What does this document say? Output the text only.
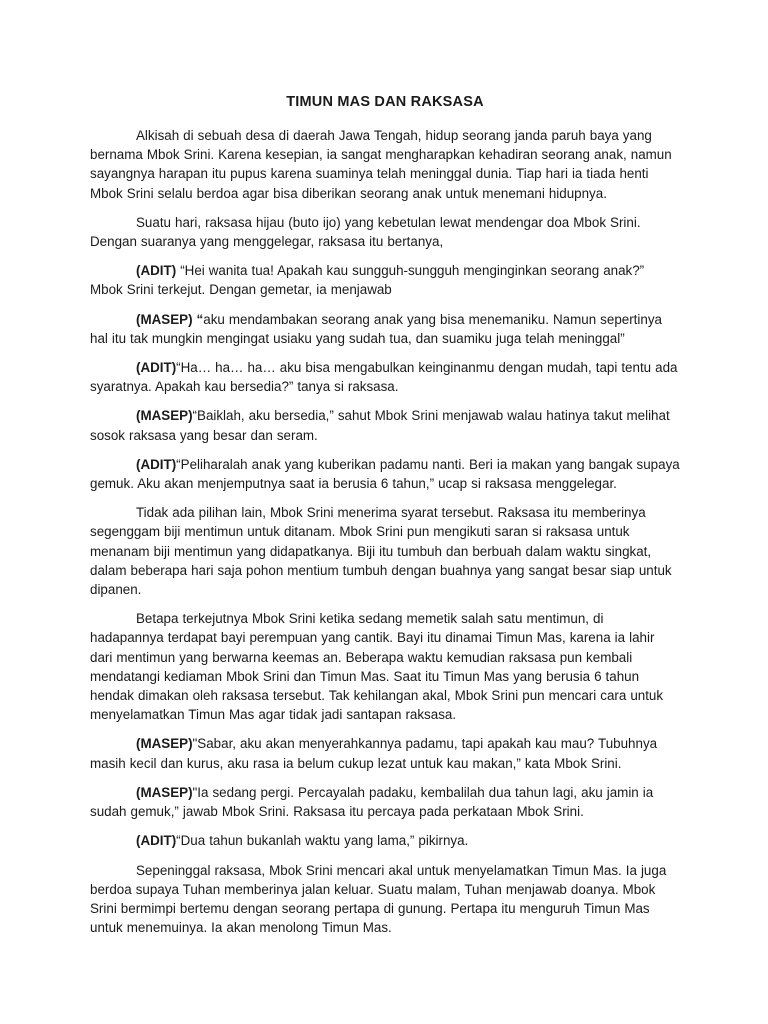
TIMUN MAS DAN RAKSASA

Alkisah di sebuah desa di daerah Jawa Tengah, hidup seorang janda paruh baya yang bernama Mbok Srini. Karena kesepian, ia sangat mengharapkan kehadiran seorang anak, namun sayangnya harapan itu pupus karena suaminya telah meninggal dunia. Tiap hari ia tiada henti Mbok Srini selalu berdoa agar bisa diberikan seorang anak untuk menemani hidupnya.

Suatu hari, raksasa hijau (buto ijo) yang kebetulan lewat mendengar doa Mbok Srini. Dengan suaranya yang menggelegar, raksasa itu bertanya,

(ADIT) “Hei wanita tua! Apakah kau sungguh-sungguh menginginkan seorang anak?” Mbok Srini terkejut. Dengan gemetar, ia menjawab

(MASEP) “aku mendambakan seorang anak yang bisa menemaniku. Namun sepertinya hal itu tak mungkin mengingat usiaku yang sudah tua, dan suamiku juga telah meninggal”

(ADIT)“Ha… ha… ha… aku bisa mengabulkan keinginanmu dengan mudah, tapi tentu ada syaratnya. Apakah kau bersedia?” tanya si raksasa.

(MASEP)“Baiklah, aku bersedia,” sahut Mbok Srini menjawab walau hatinya takut melihat sosok raksasa yang besar dan seram.

(ADIT)“Peliharalah anak yang kuberikan padamu nanti. Beri ia makan yang bangak supaya gemuk. Aku akan menjemputnya saat ia berusia 6 tahun,” ucap si raksasa menggelegar.

Tidak ada pilihan lain, Mbok Srini menerima syarat tersebut. Raksasa itu memberinya segenggam biji mentimun untuk ditanam. Mbok Srini pun mengikuti saran si raksasa untuk menanam biji mentimun yang didapatkanya. Biji itu tumbuh dan berbuah dalam waktu singkat, dalam beberapa hari saja pohon mentium tumbuh dengan buahnya yang sangat besar siap untuk dipanen.

Betapa terkejutnya Mbok Srini ketika sedang memetik salah satu mentimun, di hadapannya terdapat bayi perempuan yang cantik. Bayi itu dinamai Timun Mas, karena ia lahir dari mentimun yang berwarna keemas an. Beberapa waktu kemudian raksasa pun kembali mendatangi kediaman Mbok Srini dan Timun Mas. Saat itu Timun Mas yang berusia 6 tahun hendak dimakan oleh raksasa tersebut. Tak kehilangan akal, Mbok Srini pun mencari cara untuk menyelamatkan Timun Mas agar tidak jadi santapan raksasa.

(MASEP)"Sabar, aku akan menyerahkannya padamu, tapi apakah kau mau? Tubuhnya masih kecil dan kurus, aku rasa ia belum cukup lezat untuk kau makan,” kata Mbok Srini.

(MASEP)"Ia sedang pergi. Percayalah padaku, kembalilah dua tahun lagi, aku jamin ia sudah gemuk,” jawab Mbok Srini. Raksasa itu percaya pada perkataan Mbok Srini.

(ADIT)“Dua tahun bukanlah waktu yang lama,” pikirnya.

Sepeninggal raksasa, Mbok Srini mencari akal untuk menyelamatkan Timun Mas. Ia juga berdoa supaya Tuhan memberinya jalan keluar. Suatu malam, Tuhan menjawab doanya. Mbok Srini bermimpi bertemu dengan seorang pertapa di gunung. Pertapa itu menguruh Timun Mas untuk menemuinya. Ia akan menolong Timun Mas.
